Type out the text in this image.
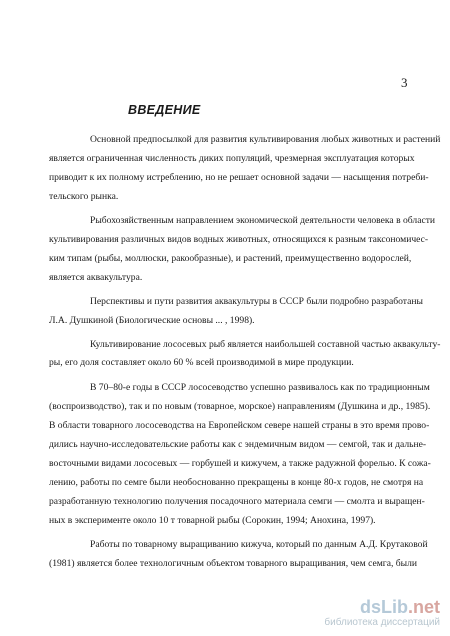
3
ВВЕДЕНИЕ
Основной предпосылкой для развития культивирования любых животных и растений
является ограниченная численность диких популяций, чрезмерная эксплуатация которых
приводит к их полному истреблению, но не решает основной задачи — насыщения потреби-
тельского рынка.
Рыбохозяйственным направлением экономической деятельности человека в области
культивирования различных видов водных животных, относящихся к разным таксономичес-
ким типам (рыбы, моллюски, ракообразные), и растений, преимущественно водорослей,
является аквакультура.
Перспективы и пути развития аквакультуры в СССР были подробно разработаны
Л.А. Душкиной (Биологические основы ... , 1998).
Культивирование лососевых рыб является наибольшей составной частью аквакульту-
ры, его доля составляет около 60 % всей производимой в мире продукции.
В 70–80-е годы в СССР лососеводство успешно развивалось как по традиционным
(воспроизводство), так и по новым (товарное, морское) направлениям (Душкина и др., 1985).
В области товарного лососеводства на Европейском севере нашей страны в это время прово-
дились научно-исследовательские работы как с эндемичным видом — семгой, так и дальне-
восточными видами лососевых — горбушей и кижучем, а также радужной форелью. К сожа-
лению, работы по семге были необоснованно прекращены в конце 80-х годов, не смотря на
разработанную технологию получения посадочного материала семги — смолта и выращен-
ных в эксперименте около 10 т товарной рыбы (Сорокин, 1994; Анохина, 1997).
Работы по товарному выращиванию кижуча, который по данным А.Д. Крутаковой
(1981) является более технологичным объектом товарного выращивания, чем семга, были
dsLib.net
библиотека диссертаций
